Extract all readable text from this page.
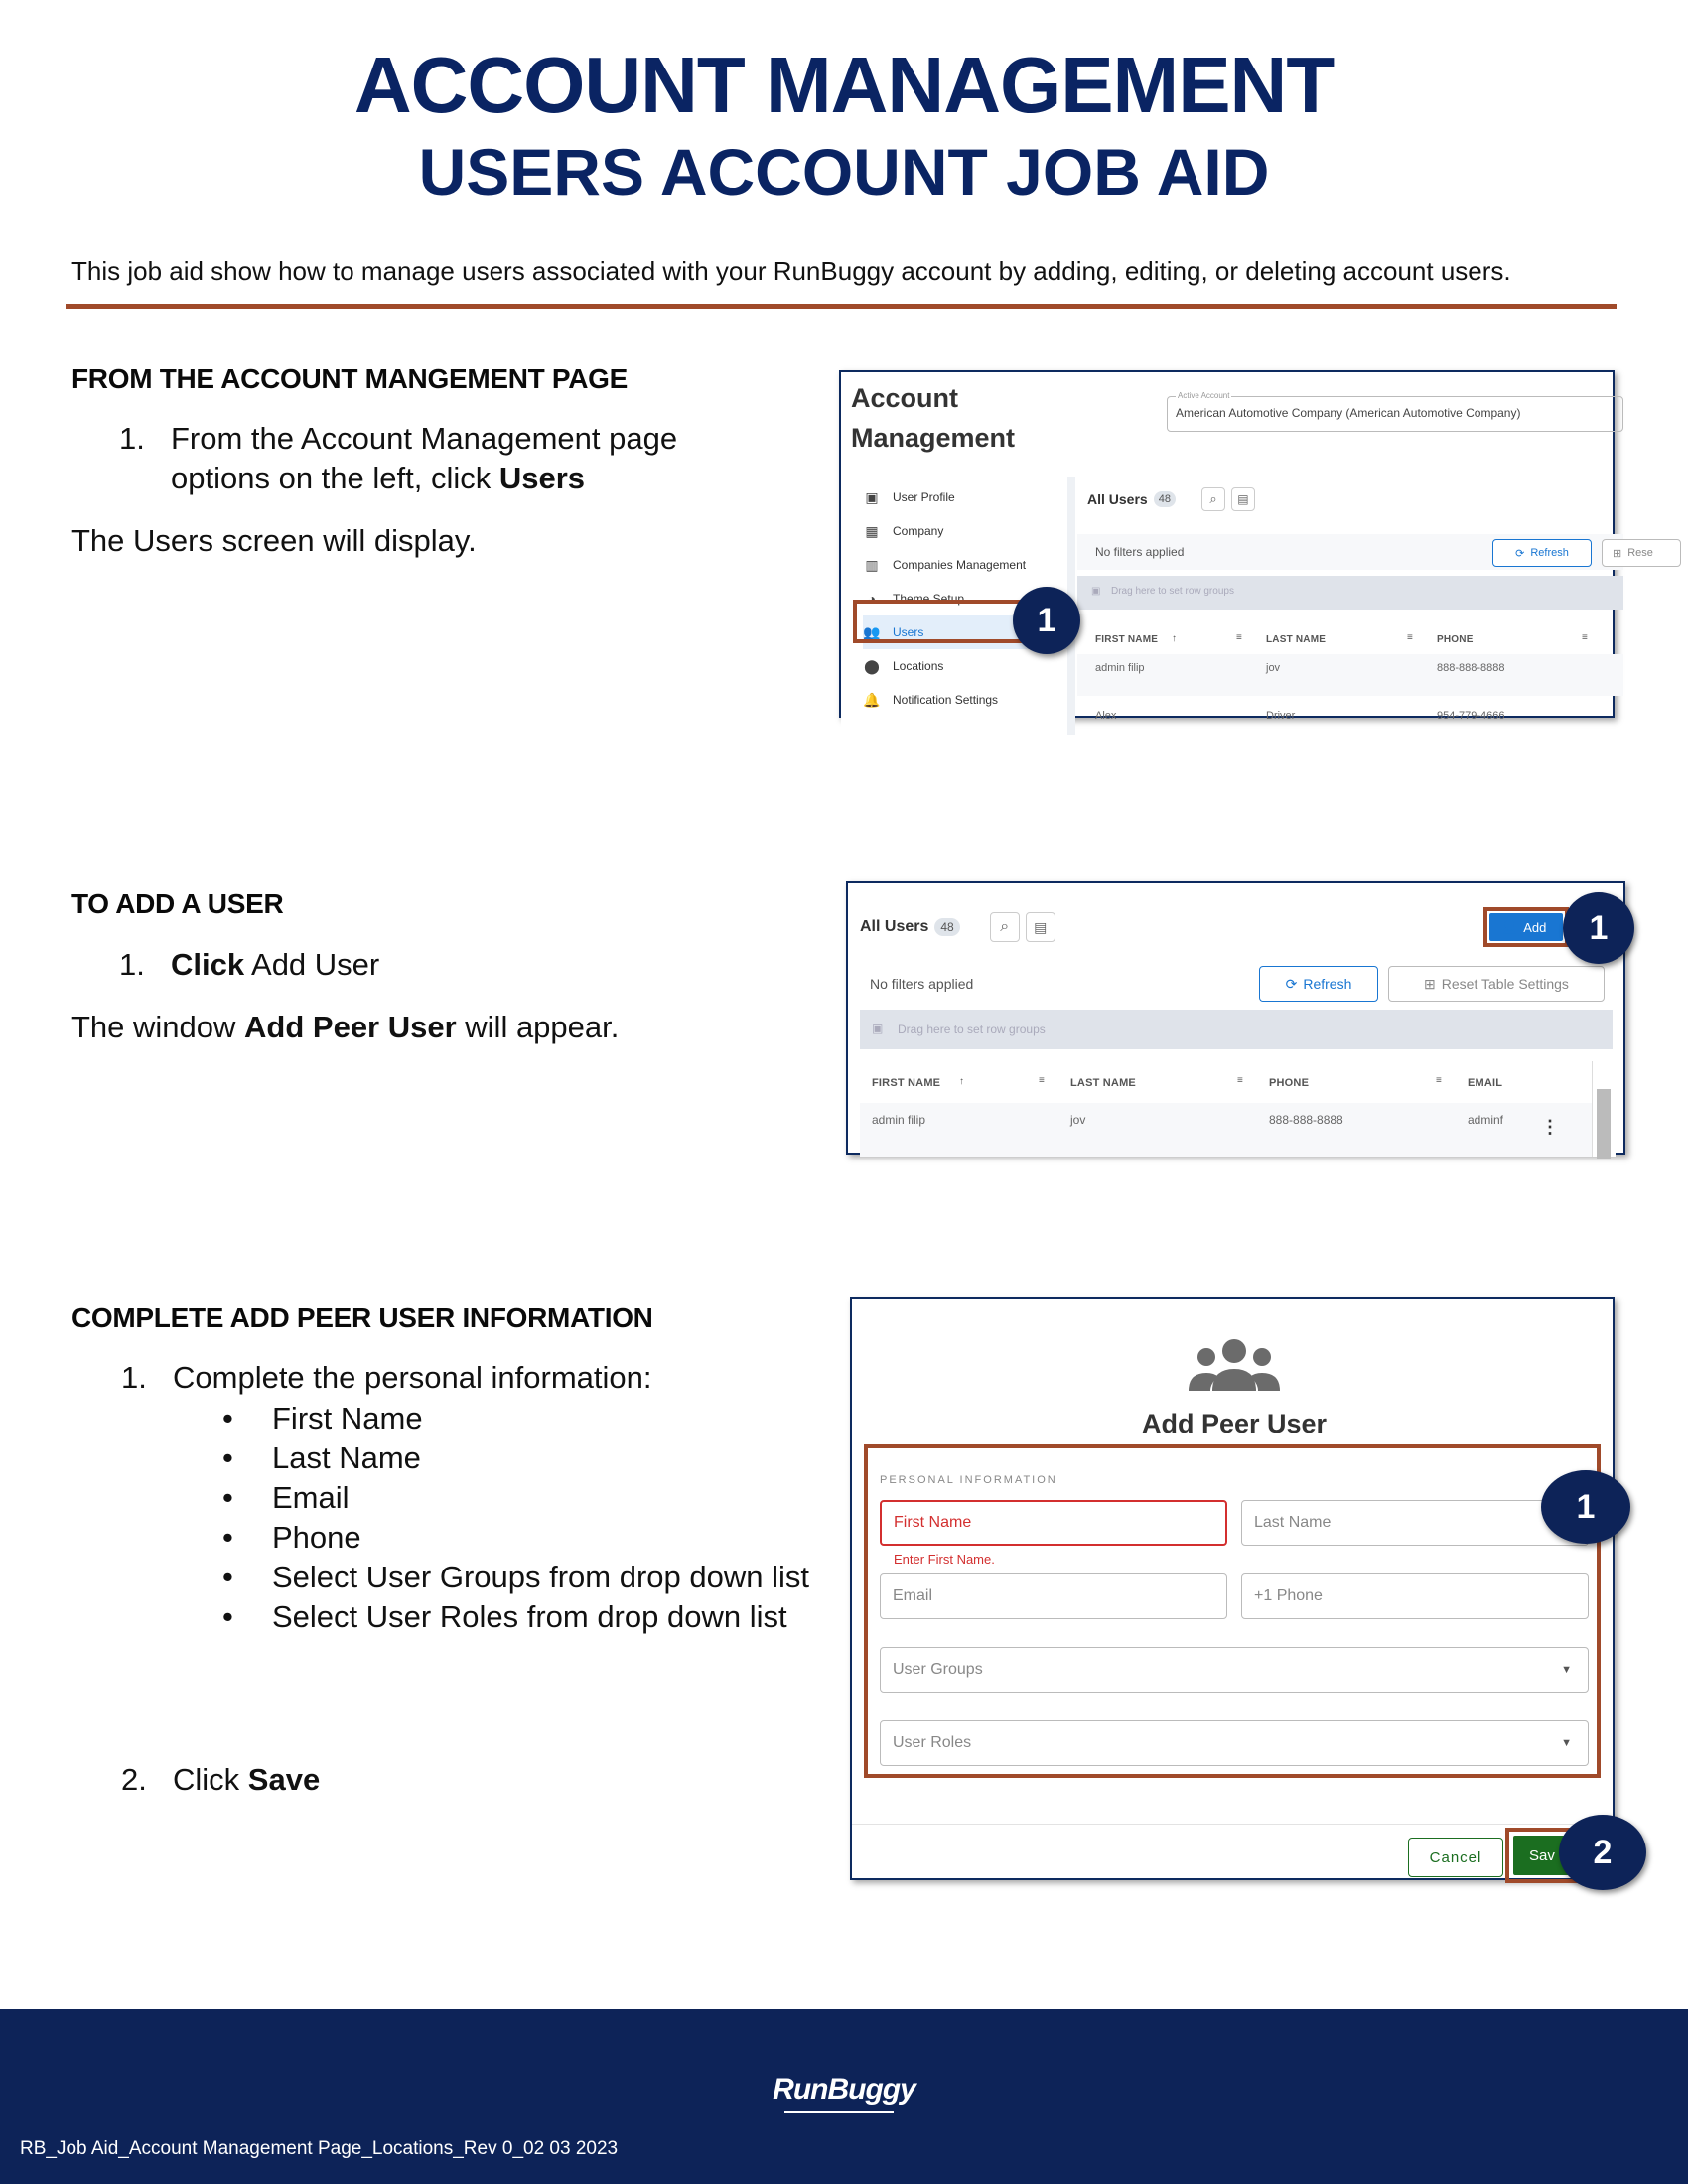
ACCOUNT MANAGEMENT
USERS ACCOUNT JOB AID
This job aid show how to manage users associated with your RunBuggy account by adding, editing, or deleting account users.
FROM THE ACCOUNT MANGEMENT PAGE
1. From the Account Management page
options on the left, click Users
The Users screen will display.
Account
Management
Active Account
American Automotive Company (American Automotive Company)
▣ User Profile
▦ Company
▥ Companies Management
◕	Theme Setup
👥 Users
⬤ Locations
🔔 Notification Settings
All Users	48	⌕	▤
No filters applied	⟳ Refresh	⊞ Rese
▣ Drag here to set row groups
FIRST NAME ↑	≡ LAST NAME	≡ PHONE	≡
admin filip	jov	888-888-8888
Alex	Driver	954-779-4666
1
TO ADD A USER
1. Click Add User
The window Add Peer User will appear.
All Users	48	⌕	▤	👤 Add
No filters applied	⟳ Refresh	⊞ Reset Table Settings
▣ Drag here to set row groups
FIRST NAME ↑	≡ LAST NAME	≡ PHONE	≡ EMAIL
admin filip	jov	888-888-8888	adminf ⋮
1
COMPLETE ADD PEER USER INFORMATION
1. Complete the personal information:
• First Name
• Last Name
• Email
• Phone
• Select User Groups from drop down list
• Select User Roles from drop down list
2. Click Save
Add Peer User
PERSONAL INFORMATION
First Name
Enter First Name.
Last Name
Email	+1 Phone
User Groups	▼
User Roles	▼
Cancel	Sav
1
2
RunBuggy
RB_Job Aid_Account Management Page_Locations_Rev 0_02 03 2023
